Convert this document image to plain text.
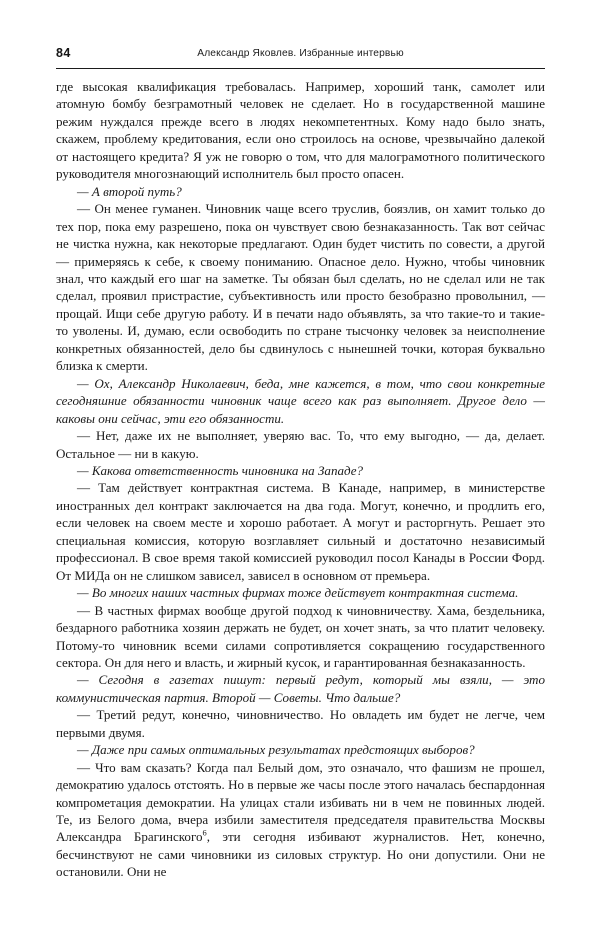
84	Александр Яковлев. Избранные интервью

где высокая квалификация требовалась. Например, хороший танк, самолет или атомную бомбу безграмотный человек не сделает. Но в государственной машине режим нуждался прежде всего в людях некомпетентных. Кому надо было знать, скажем, проблему кредитования, если оно строилось на основе, чрезвычайно далекой от настоящего кредита? Я уж не говорю о том, что для малограмотного политического руководителя многознающий исполнитель был просто опасен.

— А второй путь?

— Он менее гуманен. Чиновник чаще всего труслив, боязлив, он хамит только до тех пор, пока ему разрешено, пока он чувствует свою безнаказанность. Так вот сейчас не чистка нужна, как некоторые предлагают. Один будет чистить по совести, а другой — примеряясь к себе, к своему пониманию. Опасное дело. Нужно, чтобы чиновник знал, что каждый его шаг на заметке. Ты обязан был сделать, но не сделал или не так сделал, проявил пристрастие, субъективность или просто безобразно проволынил, — прощай. Ищи себе другую работу. И в печати надо объявлять, за что такие-то и такие-то уволены. И, думаю, если освободить по стране тысчонку человек за неисполнение конкретных обязанностей, дело бы сдвинулось с нынешней точки, которая буквально близка к смерти.

— Ох, Александр Николаевич, беда, мне кажется, в том, что свои конкретные сегодняшние обязанности чиновник чаще всего как раз выполняет. Другое дело — каковы они сейчас, эти его обязанности.

— Нет, даже их не выполняет, уверяю вас. То, что ему выгодно, — да, делает. Остальное — ни в какую.

— Какова ответственность чиновника на Западе?

— Там действует контрактная система. В Канаде, например, в министерстве иностранных дел контракт заключается на два года. Могут, конечно, и продлить его, если человек на своем месте и хорошо работает. А могут и расторгнуть. Решает это специальная комиссия, которую возглавляет сильный и достаточно независимый профессионал. В свое время такой комиссией руководил посол Канады в России Форд. От МИДа он не слишком зависел, зависел в основном от премьера.

— Во многих наших частных фирмах тоже действует контрактная система.

— В частных фирмах вообще другой подход к чиновничеству. Хама, бездельника, бездарного работника хозяин держать не будет, он хочет знать, за что платит человеку. Потому-то чиновник всеми силами сопротивляется сокращению государственного сектора. Он для него и власть, и жирный кусок, и гарантированная безнаказанность.

— Сегодня в газетах пишут: первый редут, который мы взяли, — это коммунистическая партия. Второй — Советы. Что дальше?

— Третий редут, конечно, чиновничество. Но овладеть им будет не легче, чем первыми двумя.

— Даже при самых оптимальных результатах предстоящих выборов?

— Что вам сказать? Когда пал Белый дом, это означало, что фашизм не прошел, демократию удалось отстоять. Но в первые же часы после этого началась беспардонная компрометация демократии. На улицах стали избивать ни в чем не повинных людей. Те, из Белого дома, вчера избили заместителя председателя правительства Москвы Александра Брагинского$^6$, эти сегодня избивают журналистов. Нет, конечно, бесчинствуют не сами чиновники из силовых структур. Но они допустили. Они не остановили. Они не
